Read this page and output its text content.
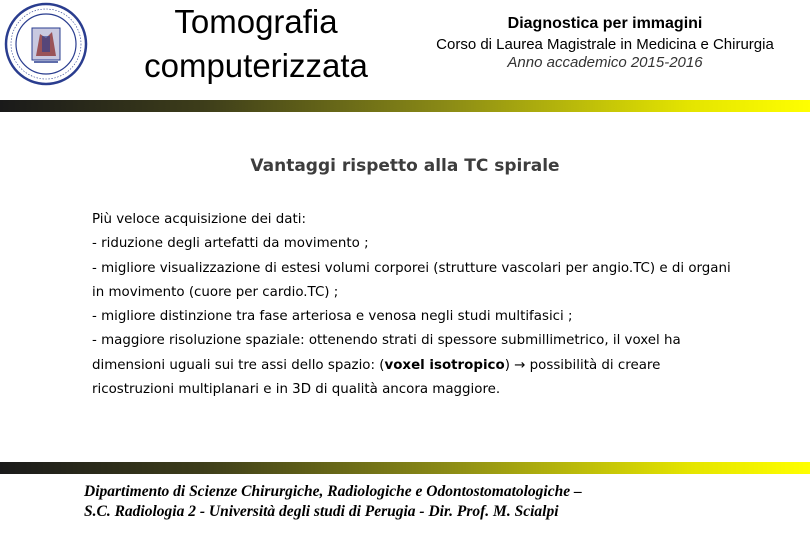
Tomografia
computerizzata
Diagnostica per immagini
Corso di Laurea Magistrale in Medicina e Chirurgia
Anno accademico 2015-2016
Vantaggi rispetto alla TC spirale

Più veloce acquisizione dei dati:

- riduzione degli artefatti da movimento ;

- migliore visualizzazione di estesi volumi corporei (strutture vascolari per angio.TC) e di organi in movimento (cuore per cardio.TC) ;

- migliore distinzione tra fase arteriosa e venosa negli studi multifasici ;

- maggiore risoluzione spaziale: ottenendo strati di spessore submillimetrico, il voxel ha dimensioni uguali sui tre assi dello spazio: (voxel isotropico) → possibilità di creare ricostruzioni multiplanari e in 3D di qualità ancora maggiore.

Dipartimento di Scienze Chirurgiche, Radiologiche e Odontostomatologiche –
S.C. Radiologia 2 - Università degli studi di Perugia - Dir. Prof. M. Scialpi
